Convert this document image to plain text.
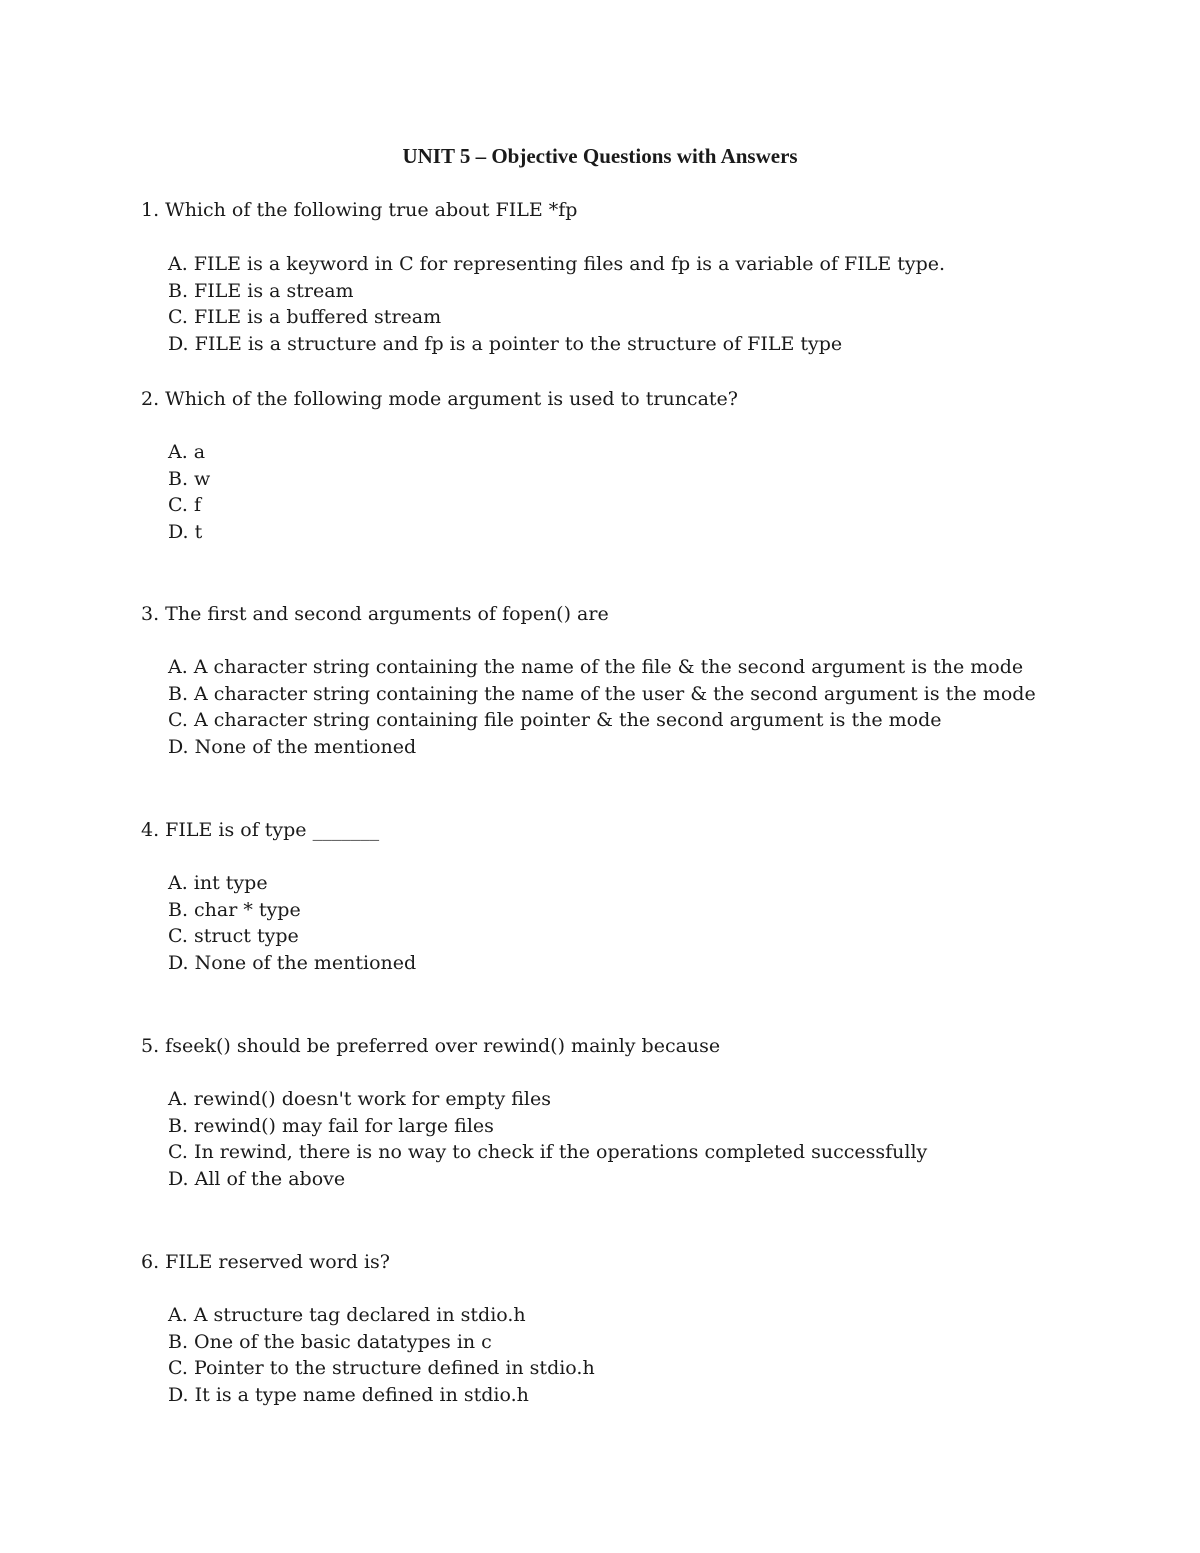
UNIT 5 – Objective Questions with Answers
1. Which of the following true about FILE *fp
A. FILE is a keyword in C for representing files and fp is a variable of FILE type.
B. FILE is a stream
C. FILE is a buffered stream
D. FILE is a structure and fp is a pointer to the structure of FILE type
2. Which of the following mode argument is used to truncate?
A. a
B. w
C. f
D. t
3. The first and second arguments of fopen() are
A. A character string containing the name of the file & the second argument is the mode
B. A character string containing the name of the user & the second argument is the mode
C. A character string containing file pointer & the second argument is the mode
D. None of the mentioned
4. FILE is of type _______
A. int type
B. char * type
C. struct type
D. None of the mentioned
5. fseek() should be preferred over rewind() mainly because
A. rewind() doesn't work for empty files
B. rewind() may fail for large files
C. In rewind, there is no way to check if the operations completed successfully
D. All of the above
6. FILE reserved word is?
A. A structure tag declared in stdio.h
B. One of the basic datatypes in c
C. Pointer to the structure defined in stdio.h
D. It is a type name defined in stdio.h
